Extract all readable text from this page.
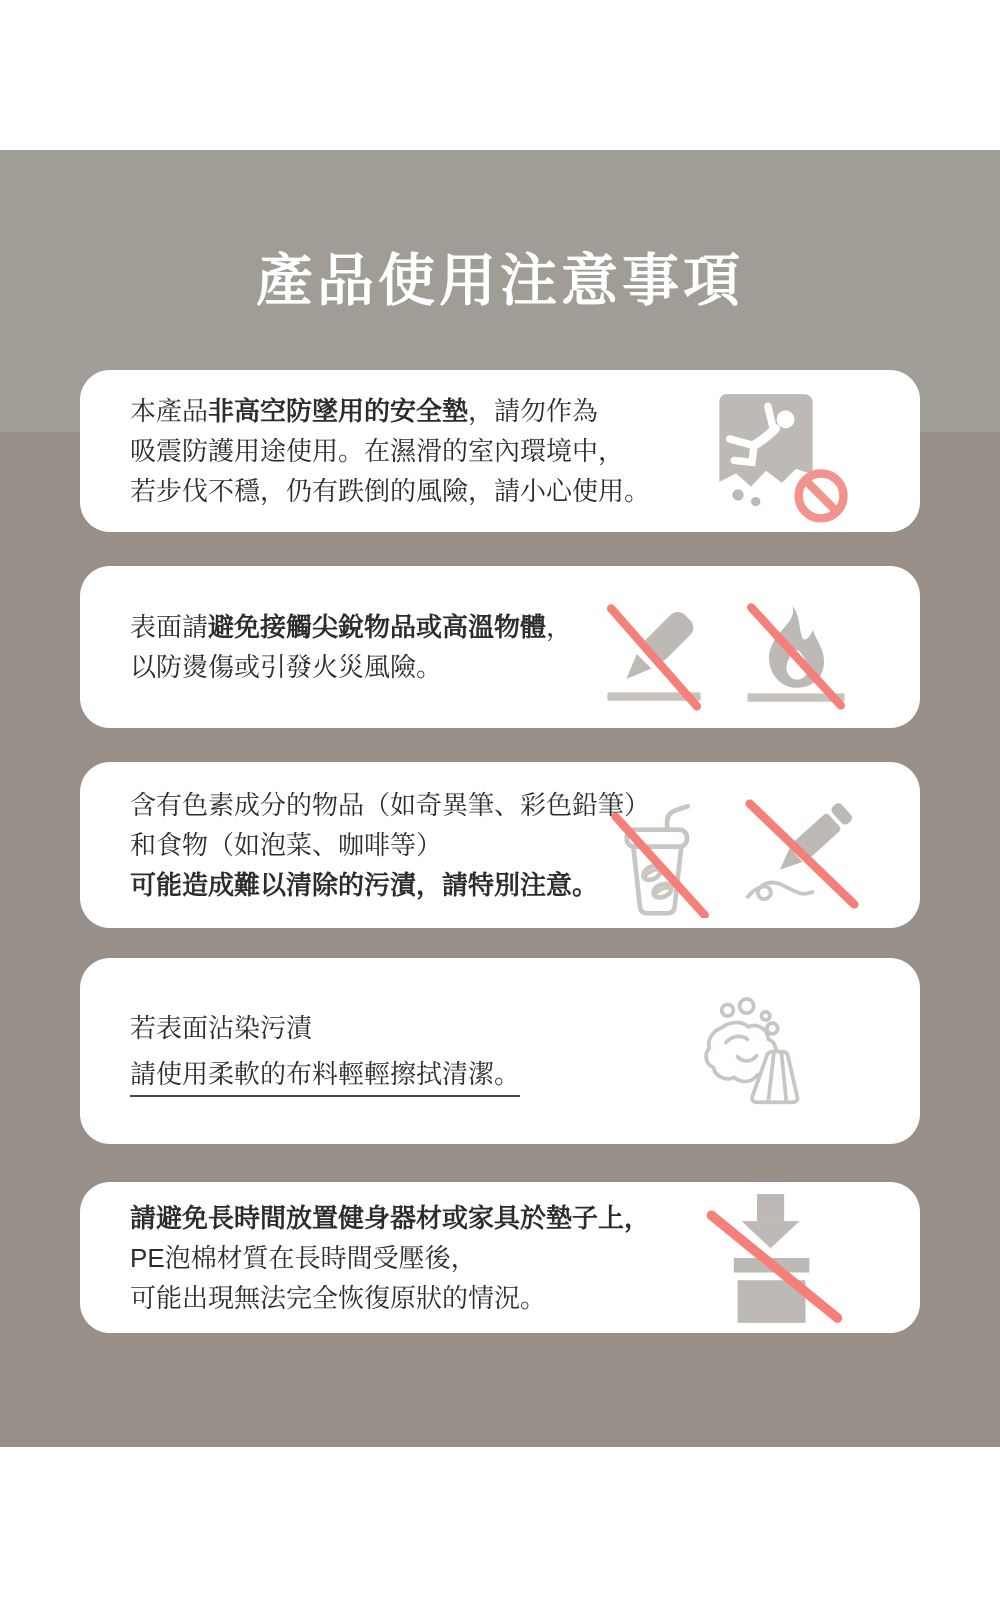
產品使用注意事項

本產品非高空防墜用的安全墊，請勿作為

吸震防護用途使用。在濕滑的室內環境中，

若步伐不穩，仍有跌倒的風險，請小心使用。

表面請避免接觸尖銳物品或高溫物體，

以防燙傷或引發火災風險。

含有色素成分的物品（如奇異筆、彩色鉛筆）

和食物（如泡菜、咖啡等）

可能造成難以清除的污漬，請特別注意。

若表面沾染污漬

請使用柔軟的布料輕輕擦拭清潔。

請避免長時間放置健身器材或家具於墊子上，

PE泡棉材質在長時間受壓後，

可能出現無法完全恢復原狀的情況。
